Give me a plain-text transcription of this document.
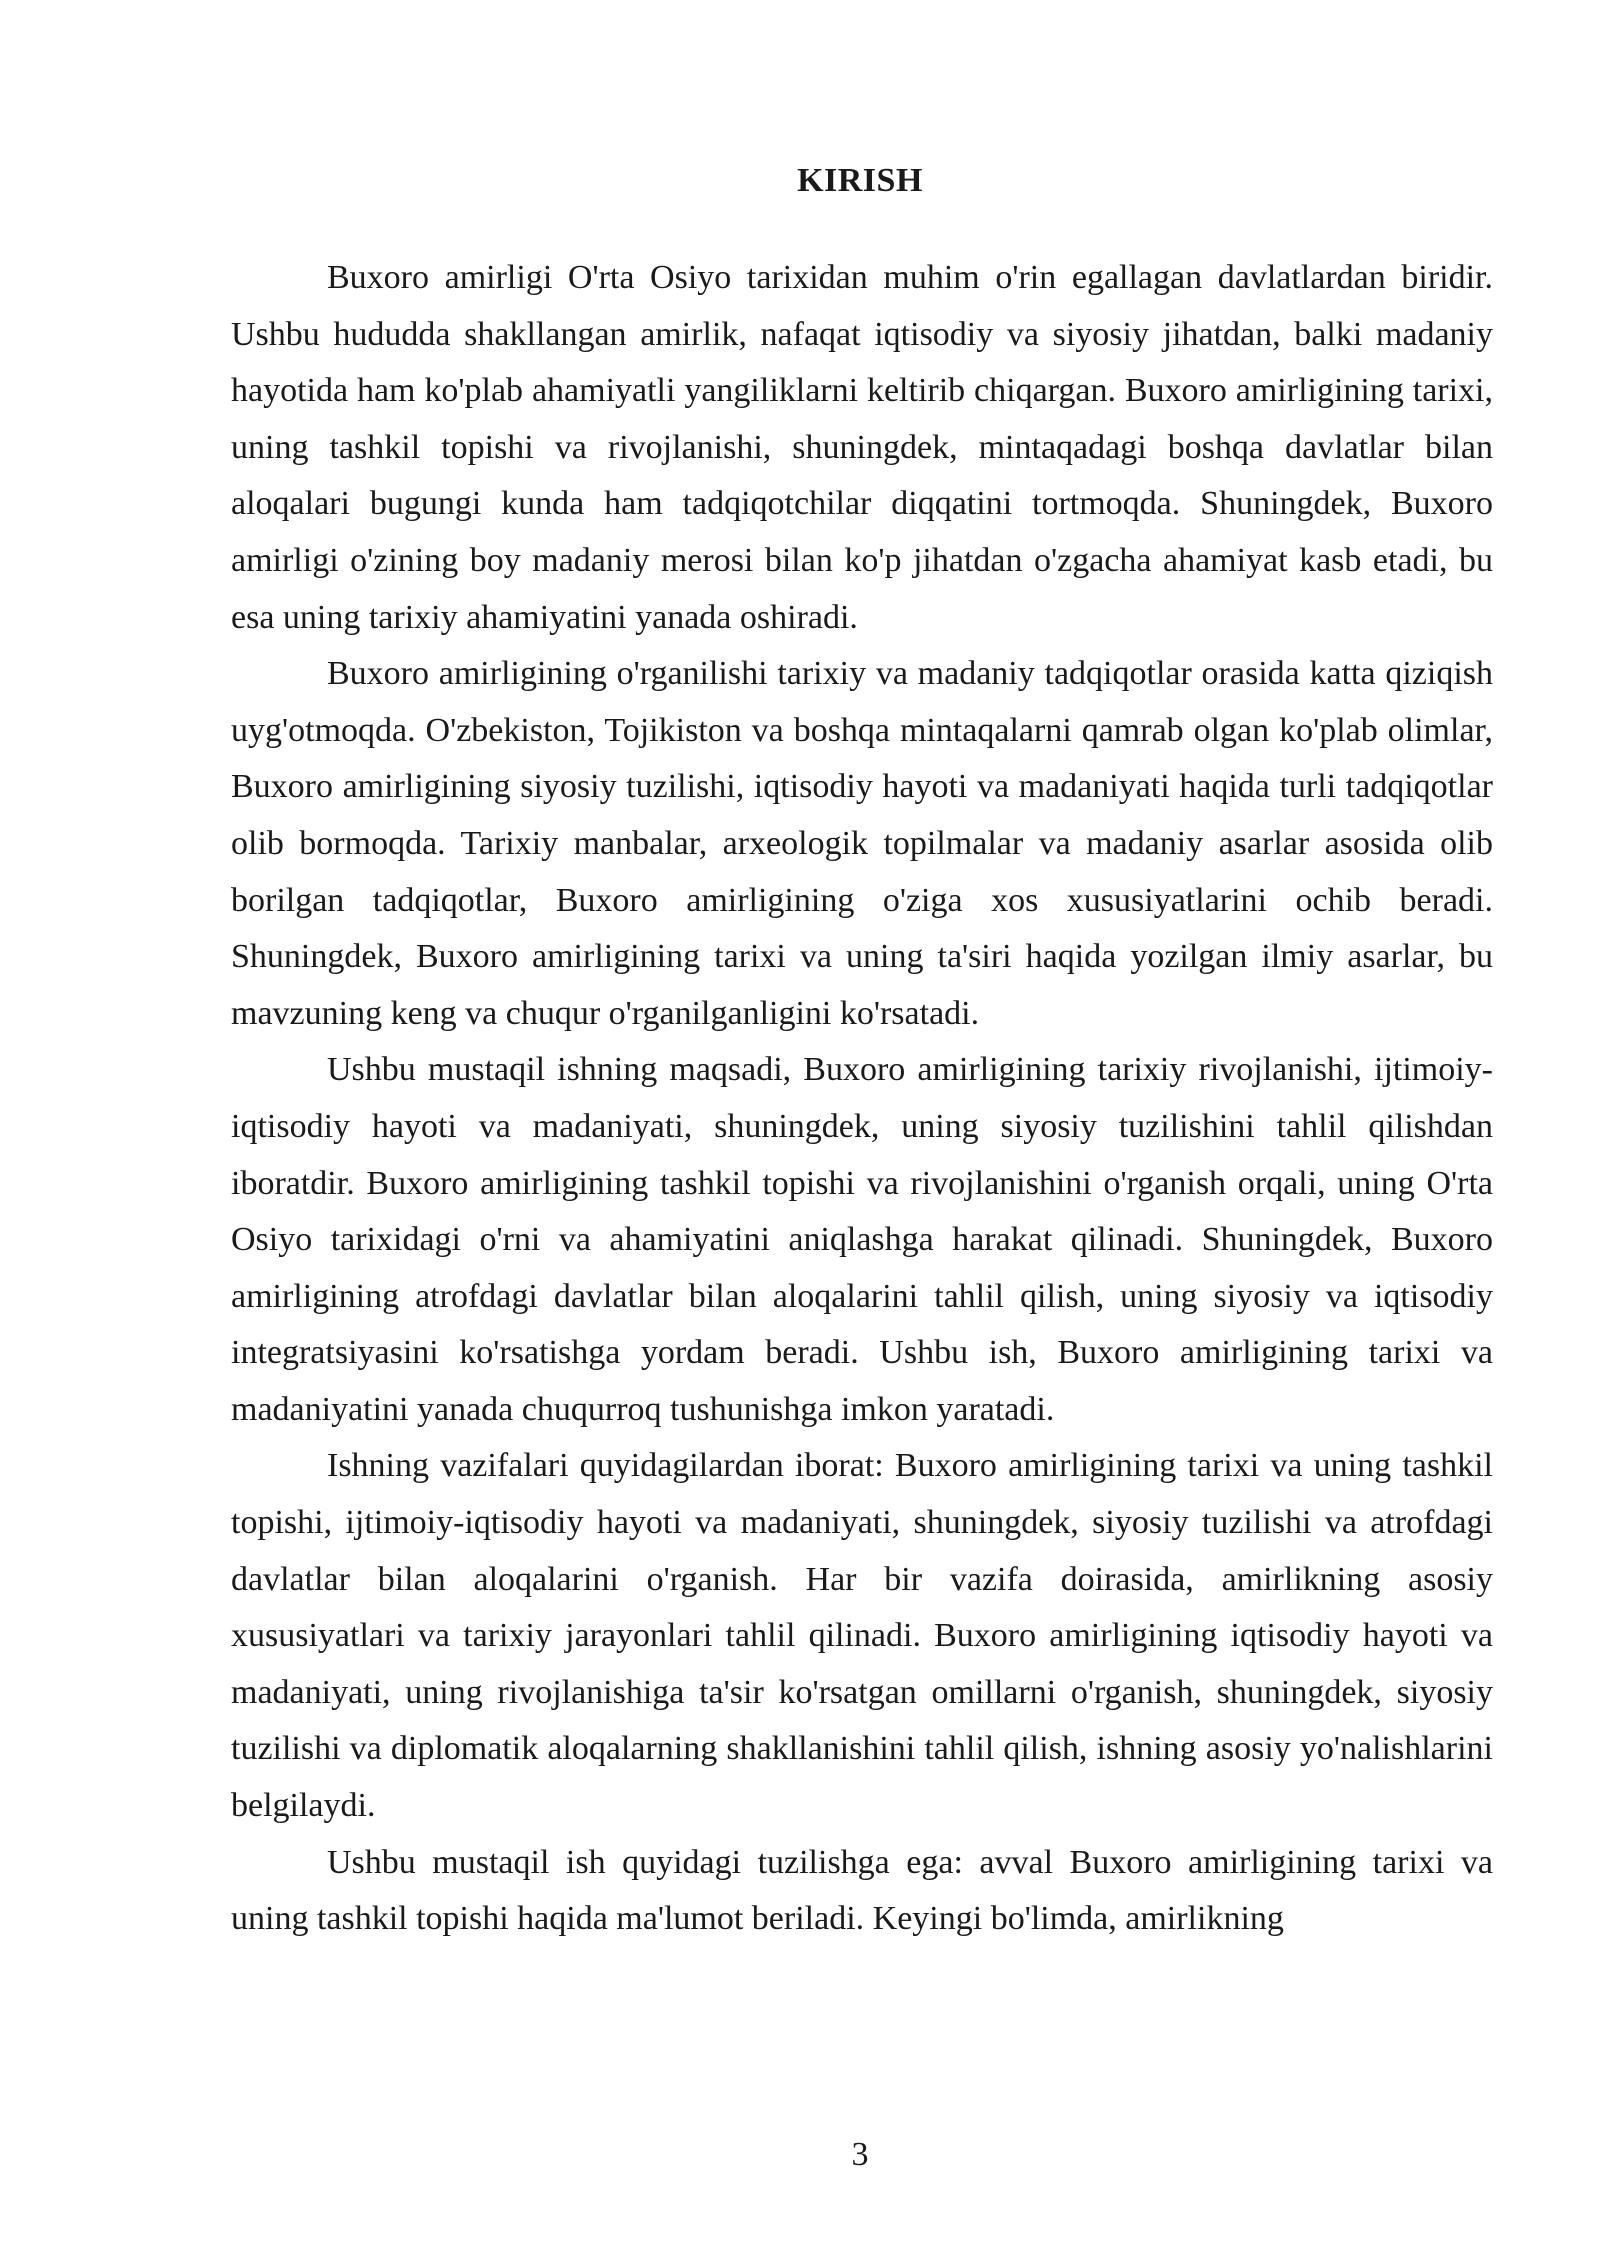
KIRISH

Buxoro amirligi O'rta Osiyo tarixidan muhim o'rin egallagan davlatlardan biridir. Ushbu hududda shakllangan amirlik, nafaqat iqtisodiy va siyosiy jihatdan, balki madaniy hayotida ham ko'plab ahamiyatli yangiliklarni keltirib chiqargan. Buxoro amirligining tarixi, uning tashkil topishi va rivojlanishi, shuningdek, mintaqadagi boshqa davlatlar bilan aloqalari bugungi kunda ham tadqiqotchilar diqqatini tortmoqda. Shuningdek, Buxoro amirligi o'zining boy madaniy merosi bilan ko'p jihatdan o'zgacha ahamiyat kasb etadi, bu esa uning tarixiy ahamiyatini yanada oshiradi.

Buxoro amirligining o'rganilishi tarixiy va madaniy tadqiqotlar orasida katta qiziqish uyg'otmoqda. O'zbekiston, Tojikiston va boshqa mintaqalarni qamrab olgan ko'plab olimlar, Buxoro amirligining siyosiy tuzilishi, iqtisodiy hayoti va madaniyati haqida turli tadqiqotlar olib bormoqda. Tarixiy manbalar, arxeologik topilmalar va madaniy asarlar asosida olib borilgan tadqiqotlar, Buxoro amirligining o'ziga xos xususiyatlarini ochib beradi. Shuningdek, Buxoro amirligining tarixi va uning ta'siri haqida yozilgan ilmiy asarlar, bu mavzuning keng va chuqur o'rganilganligini ko'rsatadi.

Ushbu mustaqil ishning maqsadi, Buxoro amirligining tarixiy rivojlanishi, ijtimoiy-iqtisodiy hayoti va madaniyati, shuningdek, uning siyosiy tuzilishini tahlil qilishdan iboratdir. Buxoro amirligining tashkil topishi va rivojlanishini o'rganish orqali, uning O'rta Osiyo tarixidagi o'rni va ahamiyatini aniqlashga harakat qilinadi. Shuningdek, Buxoro amirligining atrofdagi davlatlar bilan aloqalarini tahlil qilish, uning siyosiy va iqtisodiy integratsiyasini ko'rsatishga yordam beradi. Ushbu ish, Buxoro amirligining tarixi va madaniyatini yanada chuqurroq tushunishga imkon yaratadi.

Ishning vazifalari quyidagilardan iborat: Buxoro amirligining tarixi va uning tashkil topishi, ijtimoiy-iqtisodiy hayoti va madaniyati, shuningdek, siyosiy tuzilishi va atrofdagi davlatlar bilan aloqalarini o'rganish. Har bir vazifa doirasida, amirlikning asosiy xususiyatlari va tarixiy jarayonlari tahlil qilinadi. Buxoro amirligining iqtisodiy hayoti va madaniyati, uning rivojlanishiga ta'sir ko'rsatgan omillarni o'rganish, shuningdek, siyosiy tuzilishi va diplomatik aloqalarning shakllanishini tahlil qilish, ishning asosiy yo'nalishlarini belgilaydi.

Ushbu mustaqil ish quyidagi tuzilishga ega: avval Buxoro amirligining tarixi va uning tashkil topishi haqida ma'lumot beriladi. Keyingi bo'limda, amirlikning

3
